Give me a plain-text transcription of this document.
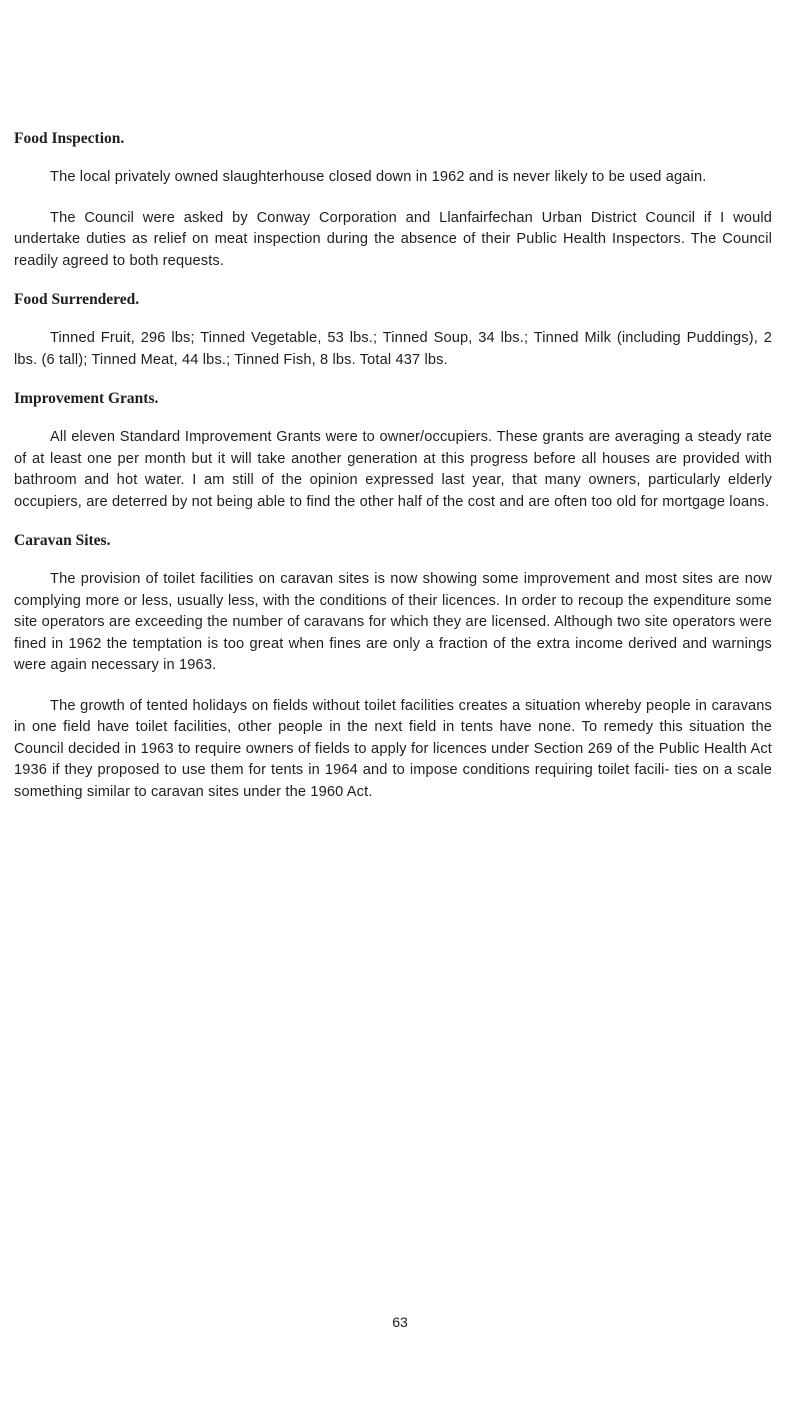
Food Inspection.

The local privately owned slaughterhouse closed down in 1962 and is never likely to be used again.

The Council were asked by Conway Corporation and Llanfairfechan Urban District Council if I would undertake duties as relief on meat inspection during the absence of their Public Health Inspectors. The Council readily agreed to both requests.

Food Surrendered.

Tinned Fruit, 296 lbs; Tinned Vegetable, 53 lbs.; Tinned Soup, 34 lbs.; Tinned Milk (including Puddings), 2 lbs. (6 tall); Tinned Meat, 44 lbs.; Tinned Fish, 8 lbs. Total 437 lbs.

Improvement Grants.

All eleven Standard Improvement Grants were to owner/occupiers. These grants are averaging a steady rate of at least one per month but it will take another generation at this progress before all houses are provided with bathroom and hot water. I am still of the opinion expressed last year, that many owners, particularly elderly occupiers, are deterred by not being able to find the other half of the cost and are often too old for mortgage loans.

Caravan Sites.

The provision of toilet facilities on caravan sites is now showing some improvement and most sites are now complying more or less, usually less, with the conditions of their licences. In order to recoup the expenditure some site operators are exceeding the number of caravans for which they are licensed. Although two site operators were fined in 1962 the temptation is too great when fines are only a fraction of the extra income derived and warnings were again necessary in 1963.

The growth of tented holidays on fields without toilet facilities creates a situation whereby people in caravans in one field have toilet facilities, other people in the next field in tents have none. To remedy this situation the Council decided in 1963 to require owners of fields to apply for licences under Section 269 of the Public Health Act 1936 if they proposed to use them for tents in 1964 and to impose conditions requiring toilet facili- ties on a scale something similar to caravan sites under the 1960 Act.

63
